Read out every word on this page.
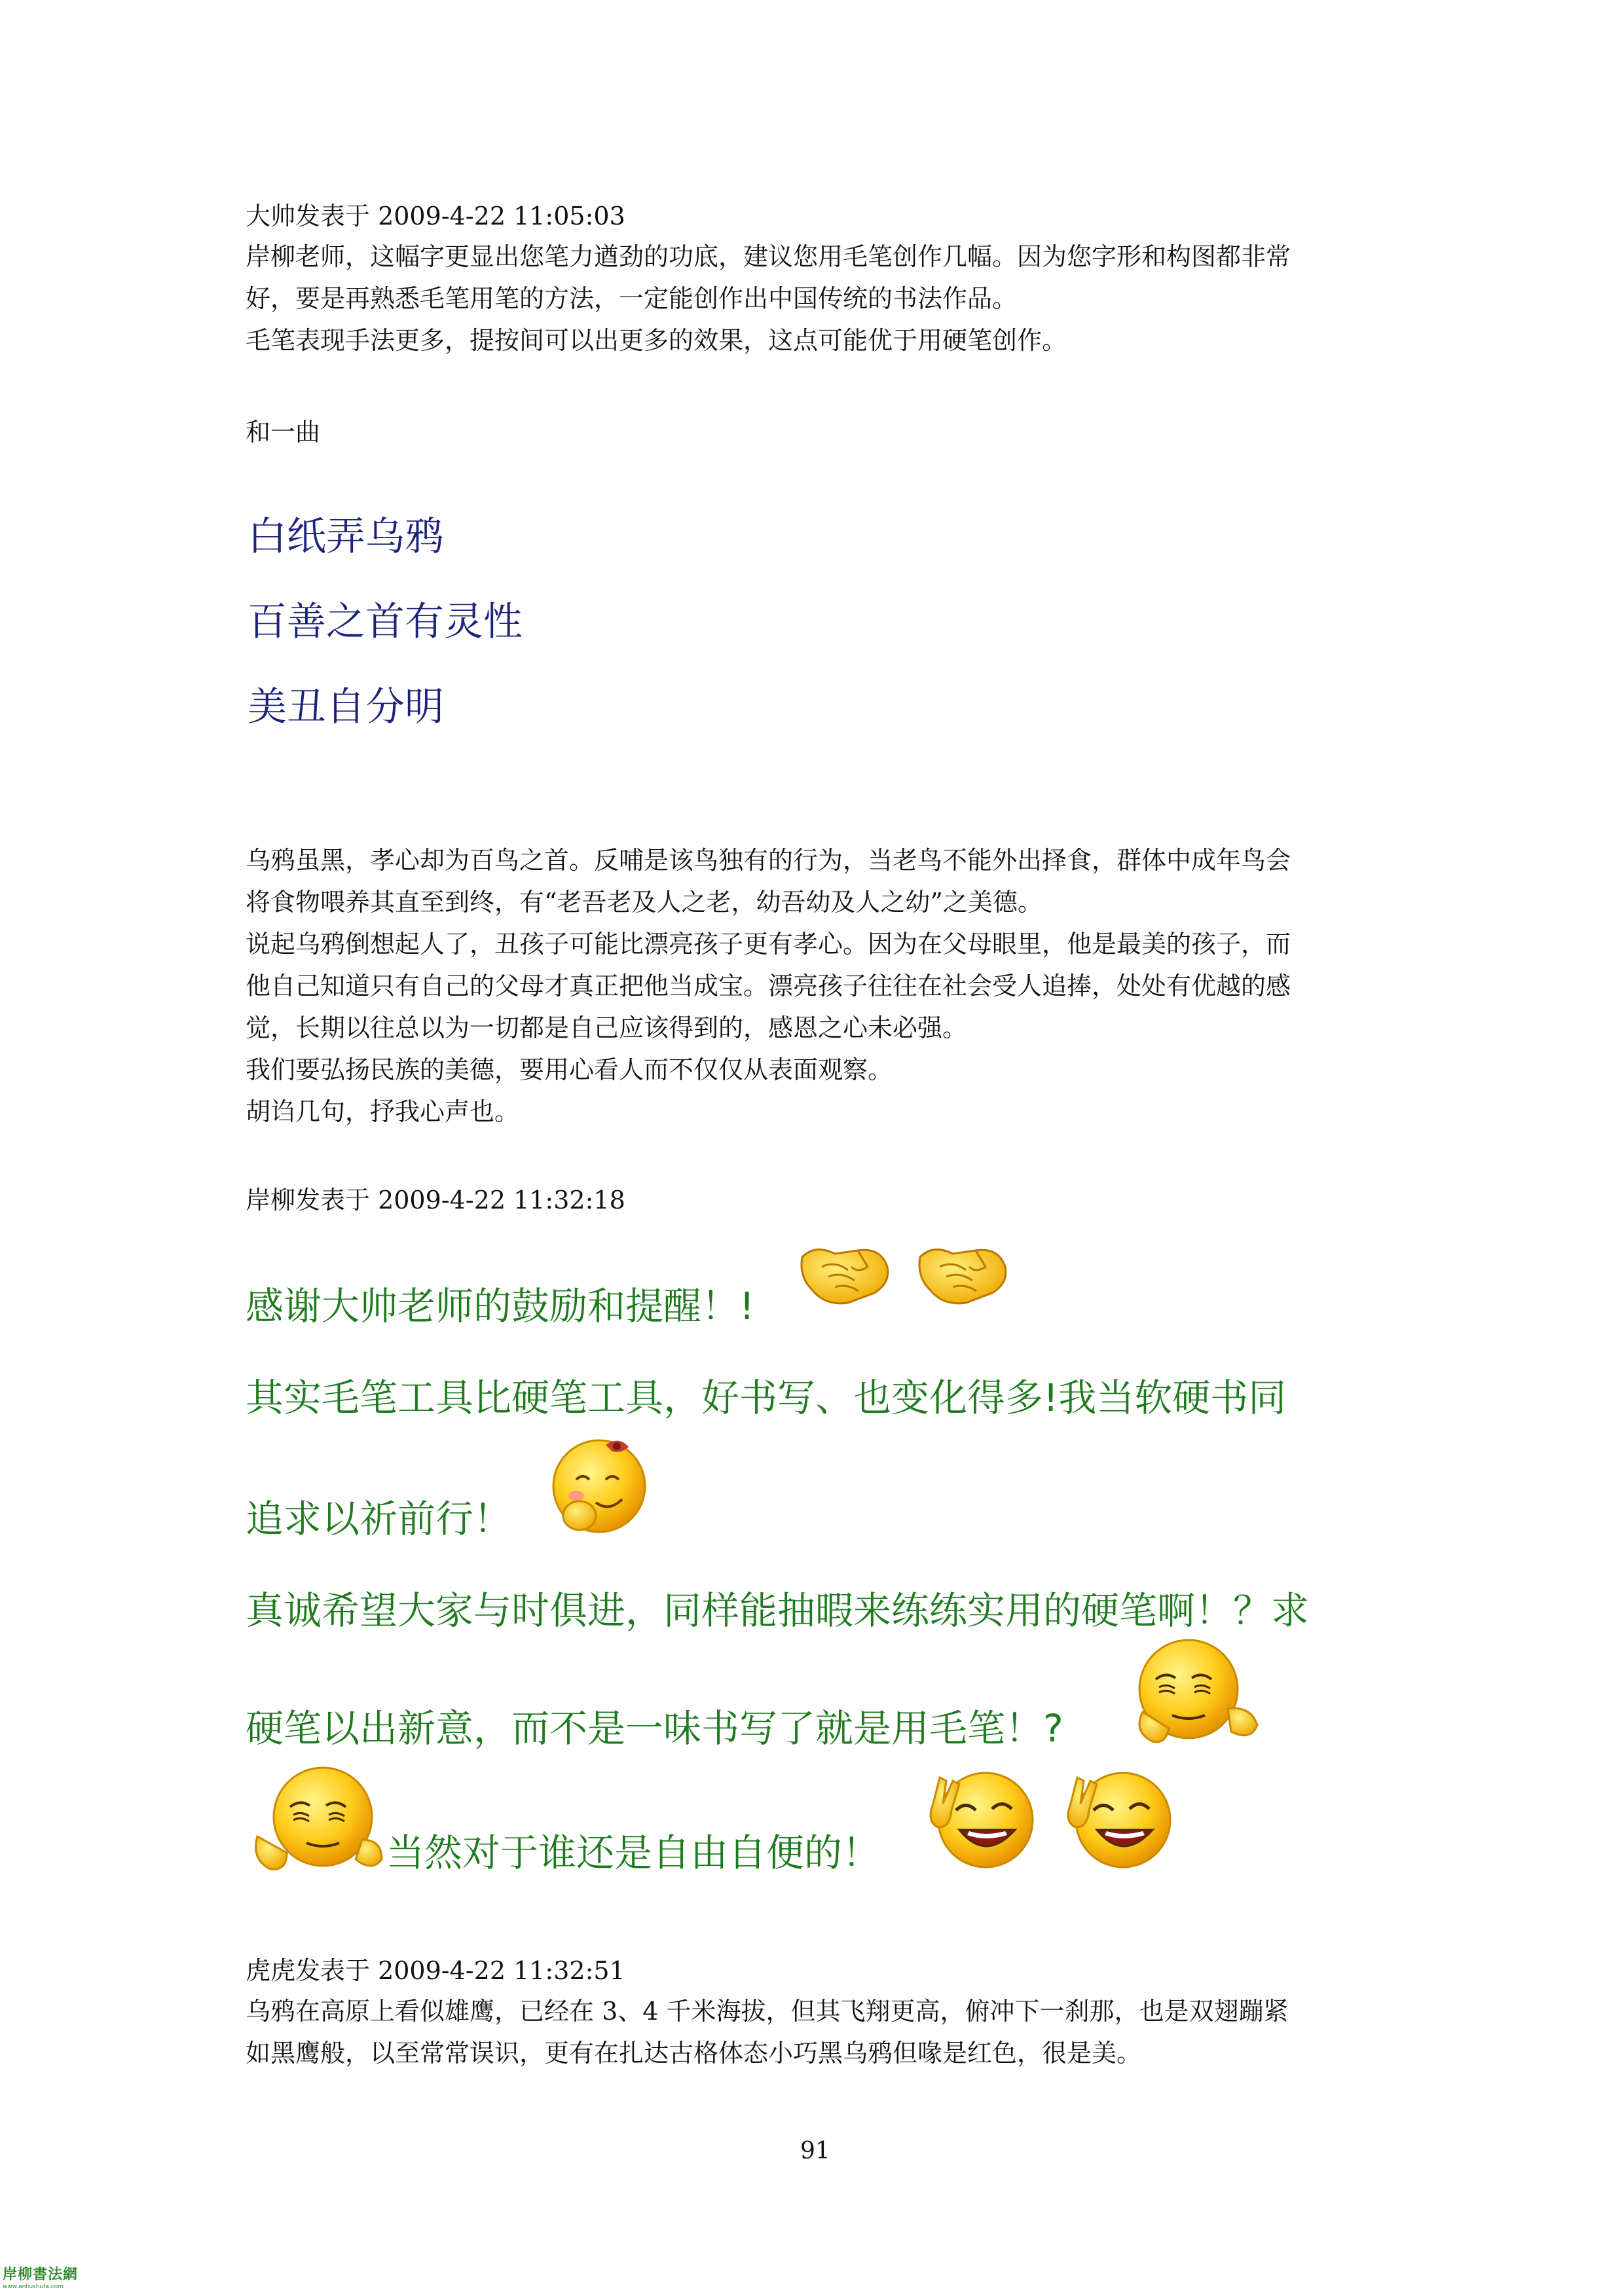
大帅发表于 2009-4-22 11:05:03
岸柳老师，这幅字更显出您笔力遒劲的功底，建议您用毛笔创作几幅。因为您字形和构图都非常
好，要是再熟悉毛笔用笔的方法，一定能创作出中国传统的书法作品。
毛笔表现手法更多，提按间可以出更多的效果，这点可能优于用硬笔创作。
和一曲
白纸弄乌鸦
百善之首有灵性
美丑自分明
乌鸦虽黑，孝心却为百鸟之首。反哺是该鸟独有的行为，当老鸟不能外出择食，群体中成年鸟会
将食物喂养其直至到终，有“老吾老及人之老，幼吾幼及人之幼”之美德。
说起乌鸦倒想起人了，丑孩子可能比漂亮孩子更有孝心。因为在父母眼里，他是最美的孩子，而
他自己知道只有自己的父母才真正把他当成宝。漂亮孩子往往在社会受人追捧，处处有优越的感
觉，长期以往总以为一切都是自己应该得到的，感恩之心未必强。
我们要弘扬民族的美德，要用心看人而不仅仅从表面观察。
胡诌几句，抒我心声也。
岸柳发表于 2009-4-22 11:32:18
感谢大帅老师的鼓励和提醒！!
其实毛笔工具比硬笔工具，好书写、也变化得多!我当软硬书同
追求以祈前行！
真诚希望大家与时俱进，同样能抽暇来练练实用的硬笔啊！？求
硬笔以出新意，而不是一味书写了就是用毛笔！?
当然对于谁还是自由自便的！
虎虎发表于 2009-4-22 11:32:51
乌鸦在高原上看似雄鹰，已经在 3、4 千米海拔，但其飞翔更高，俯冲下一刹那，也是双翅蹦紧
如黑鹰般，以至常常误识，更有在扎达古格体态小巧黑乌鸦但喙是红色，很是美。
91
岸柳書法網
www.anliushufa.com
